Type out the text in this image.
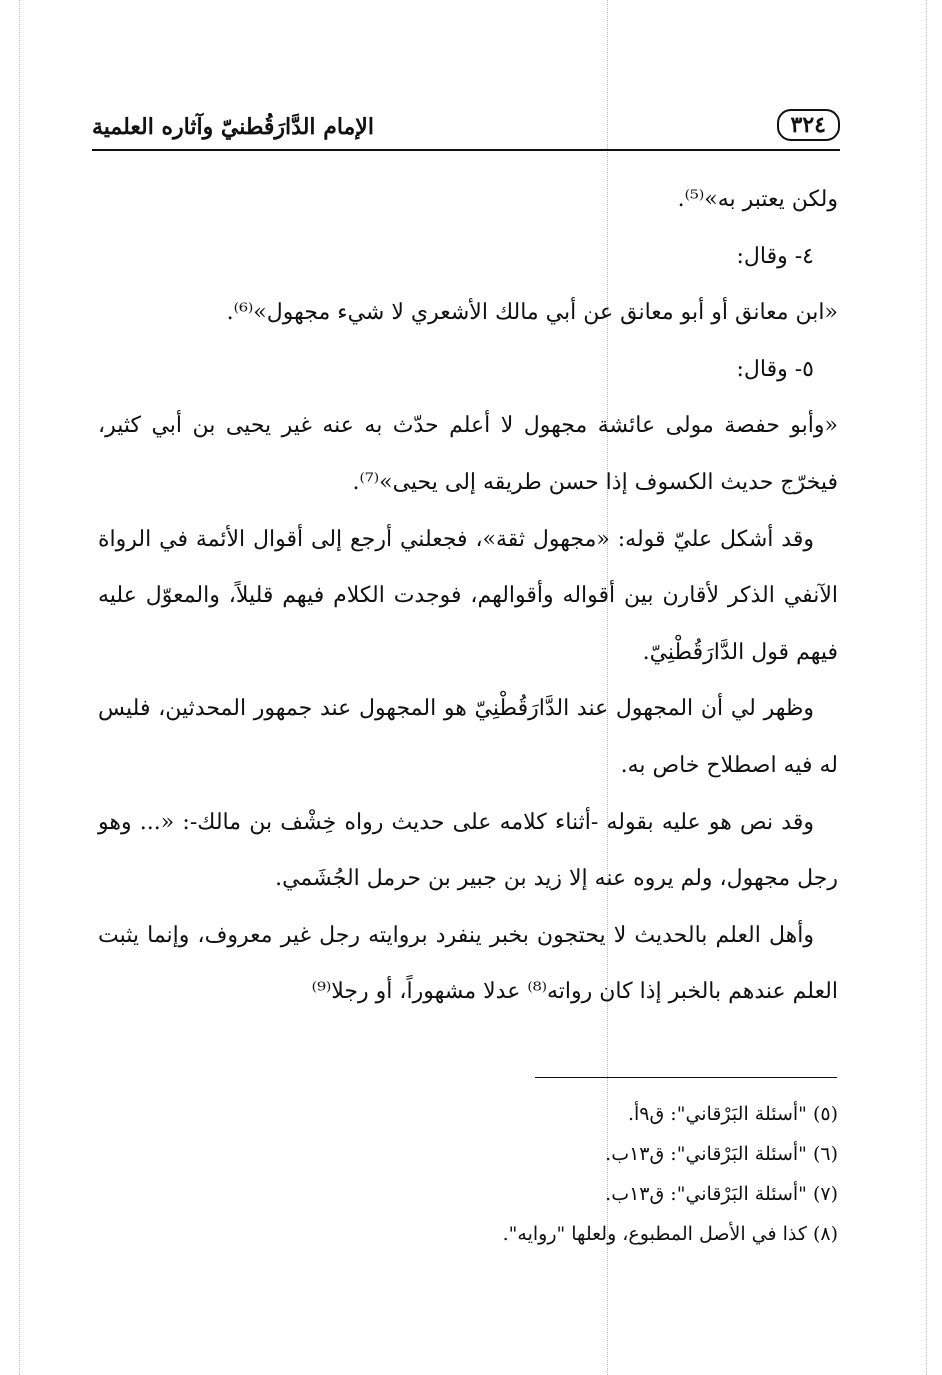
٣٢٤
الإمام الدَّارَقُطنيّ وآثاره العلمية

ولكن يعتبر به»⁽⁵⁾.

٤- وقال:

«ابن معانق أو أبو معانق عن أبي مالك الأشعري لا شيء مجهول»⁽⁶⁾.

٥- وقال:

«وأبو حفصة مولى عائشة مجهول لا أعلم حدّث به عنه غير يحيى بن أبي كثير، فيخرّج حديث الكسوف إذا حسن طريقه إلى يحيى»⁽⁷⁾.

وقد أشكل عليّ قوله: «مجهول ثقة»، فجعلني أرجع إلى أقوال الأئمة في الرواة الآنفي الذكر لأقارن بين أقواله وأقوالهم، فوجدت الكلام فيهم قليلاً، والمعوّل عليه فيهم قول الدَّارَقُطْنِيّ.

وظهر لي أن المجهول عند الدَّارَقُطْنِيّ هو المجهول عند جمهور المحدثين، فليس له فيه اصطلاح خاص به.

وقد نص هو عليه بقوله -أثناء كلامه على حديث رواه خِشْف بن مالك-: «... وهو رجل مجهول، ولم يروه عنه إلا زيد بن جبير بن حرمل الجُشَمي.

وأهل العلم بالحديث لا يحتجون بخبر ينفرد بروايته رجل غير معروف، وإنما يثبت العلم عندهم بالخبر إذا كان رواته⁽⁸⁾ عدلا مشهوراً، أو رجلا⁽⁹⁾

(٥) "أسئلة البَرْقاني": ق٩أ.

(٦) "أسئلة البَرْقاني": ق١٣ب.

(٧) "أسئلة البَرْقاني": ق١٣ب.

(٨) كذا في الأصل المطبوع، ولعلها "روايه".
